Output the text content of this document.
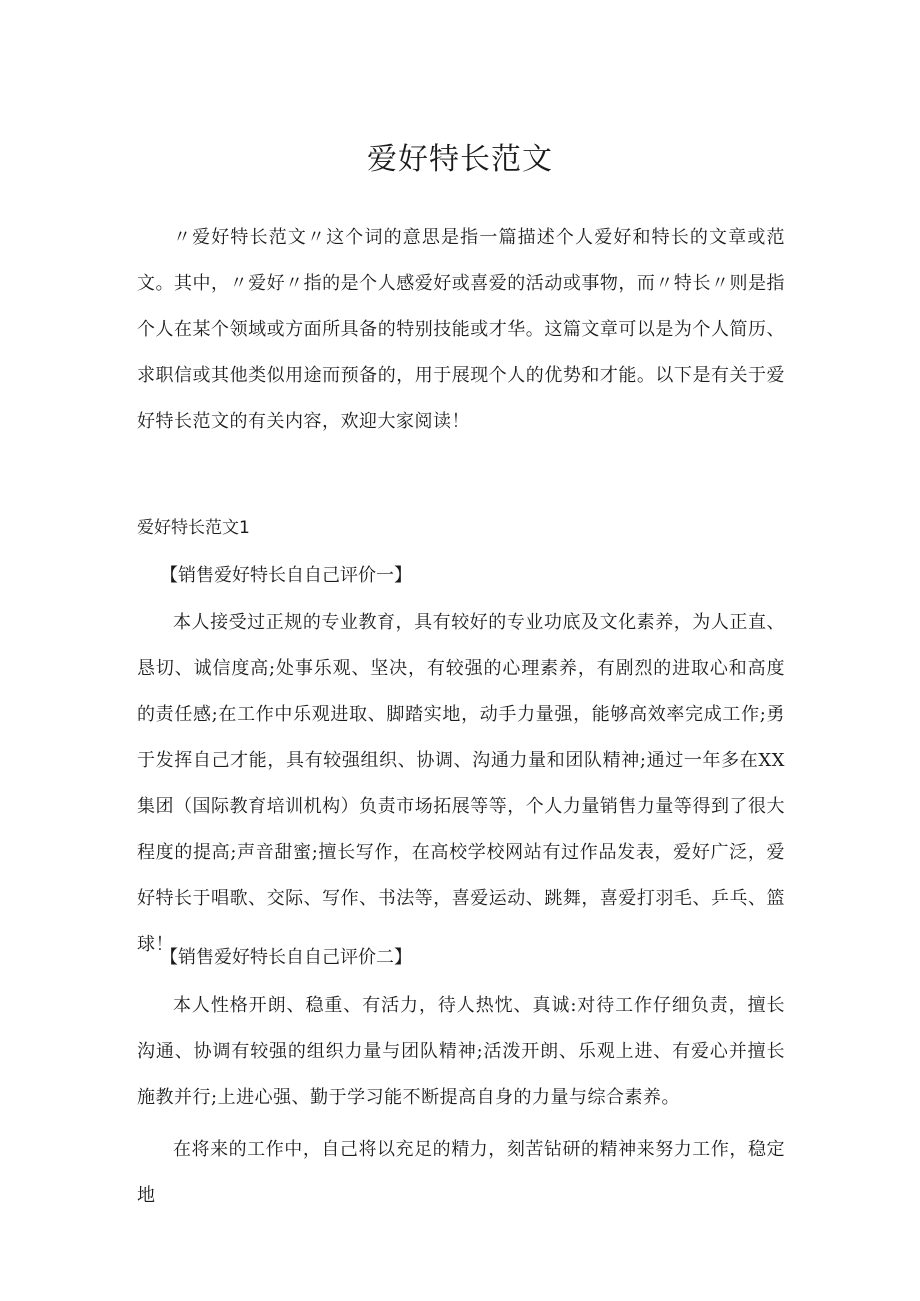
爱好特长范文

〃爱好特长范文〃这个词的意思是指一篇描述个人爱好和特长的文章或范文。其中，〃爱好〃指的是个人感爱好或喜爱的活动或事物，而〃特长〃则是指个人在某个领域或方面所具备的特别技能或才华。这篇文章可以是为个人简历、求职信或其他类似用途而预备的，用于展现个人的优势和才能。以下是有关于爱好特长范文的有关内容，欢迎大家阅读！

爱好特长范文1
【销售爱好特长自自己评价一】

本人接受过正规的专业教育，具有较好的专业功底及文化素养，为人正直、恳切、诚信度高;处事乐观、坚决，有较强的心理素养，有剧烈的进取心和高度的责任感;在工作中乐观进取、脚踏实地，动手力量强，能够高效率完成工作;勇于发挥自己才能，具有较强组织、协调、沟通力量和团队精神;通过一年多在XX集团（国际教育培训机构）负责市场拓展等等，个人力量销售力量等得到了很大程度的提高;声音甜蜜;擅长写作，在高校学校网站有过作品发表，爱好广泛，爱好特长于唱歌、交际、写作、书法等，喜爱运动、跳舞，喜爱打羽毛、乒乓、篮球！

【销售爱好特长自自己评价二】

本人性格开朗、稳重、有活力，待人热忱、真诚:对待工作仔细负责，擅长沟通、协调有较强的组织力量与团队精神;活泼开朗、乐观上进、有爱心并擅长施教并行;上进心强、勤于学习能不断提高自身的力量与综合素养。

在将来的工作中，自己将以充足的精力，刻苦钻研的精神来努力工作，稳定地
